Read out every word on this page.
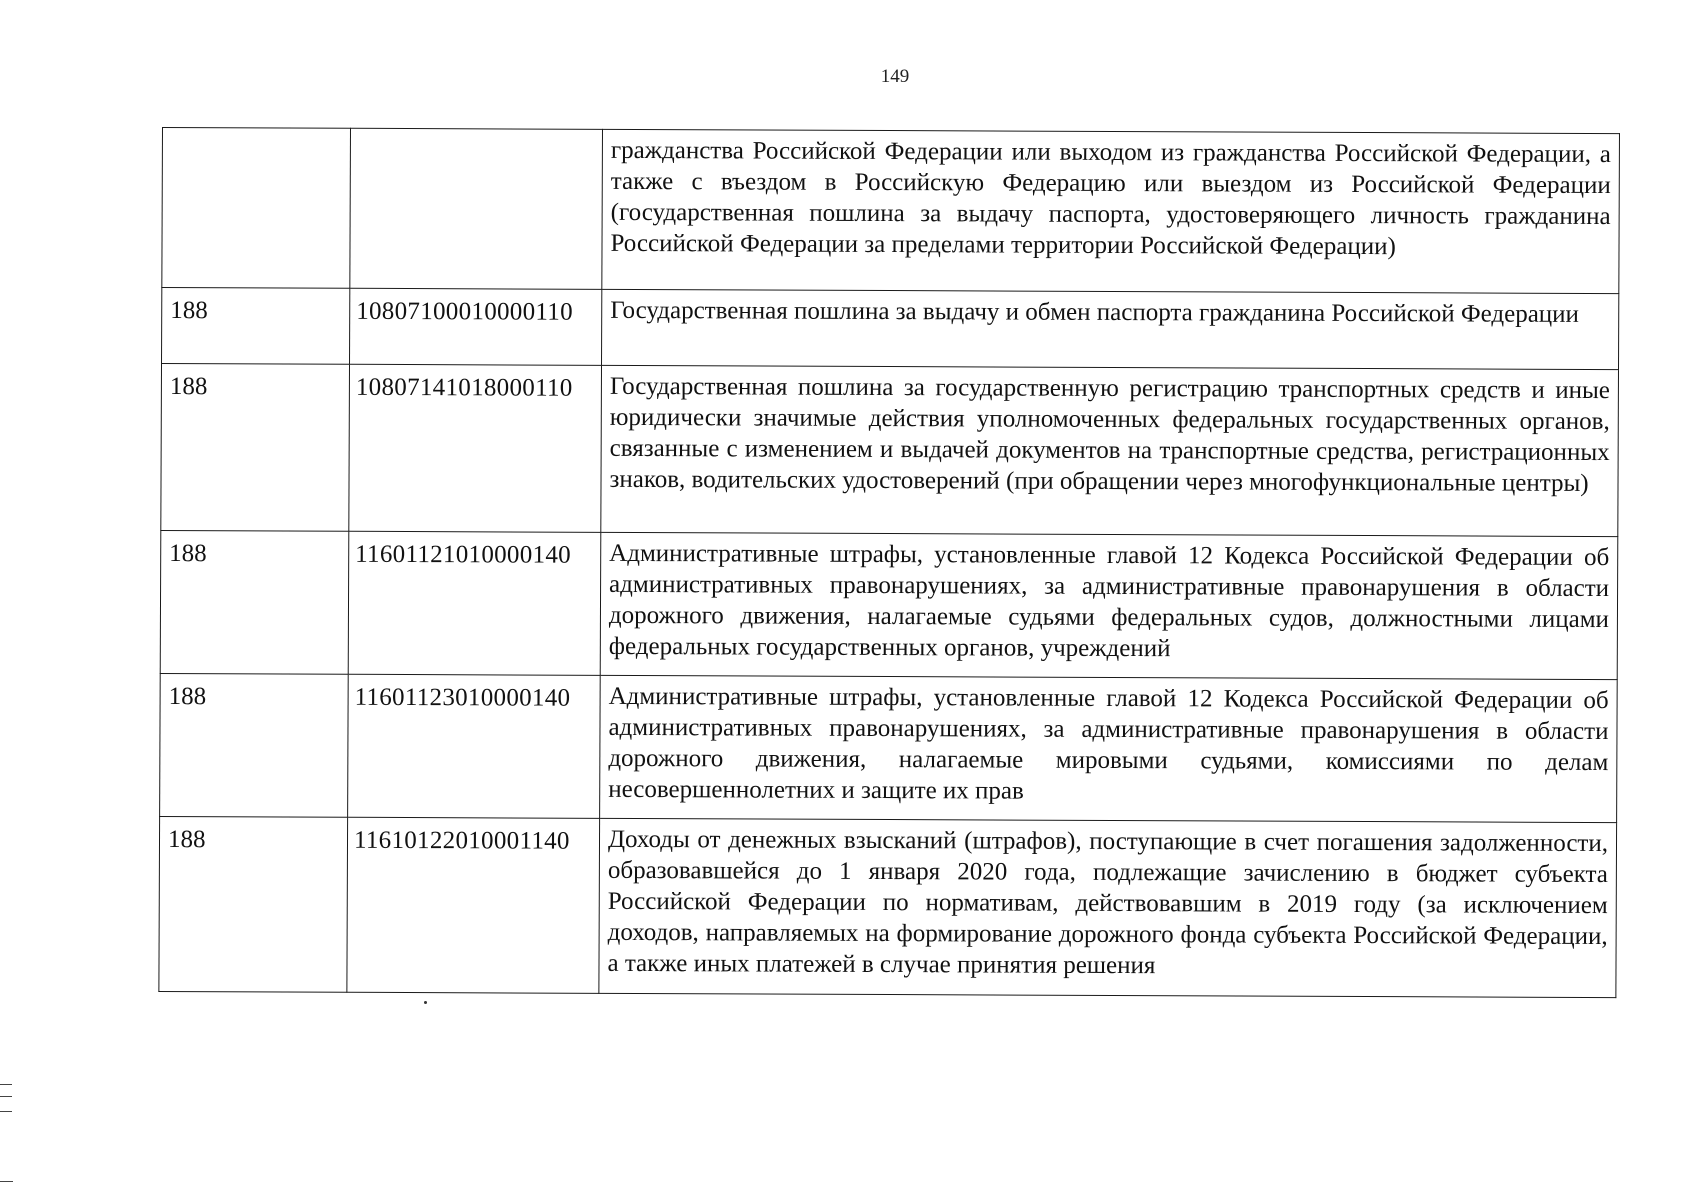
149
		гражданства Российской Федерации или выходом из гражданства Российской Федерации, а также с въездом в Российскую Федерацию или выездом из Российской Федерации (государственная пошлина за выдачу паспорта, удостоверяющего личность гражданина Российской Федерации за пределами территории Российской Федерации)
188	10807100010000110	Государственная пошлина за выдачу и обмен паспорта гражданина Российской Федерации
188	10807141018000110	Государственная пошлина за государственную регистрацию транспортных средств и иные юридически значимые действия уполномоченных федеральных государственных органов, связанные с изменением и выдачей документов на транспортные средства, регистрационных знаков, водительских удостоверений (при обращении через многофункциональные центры)
188	11601121010000140	Административные штрафы, установленные главой 12 Кодекса Российской Федерации об административных правонарушениях, за административные правонарушения в области дорожного движения, налагаемые судьями федеральных судов, должностными лицами федеральных государственных органов, учреждений
188	11601123010000140	Административные штрафы, установленные главой 12 Кодекса Российской Федерации об административных правонарушениях, за административные правонарушения в области дорожного движения, налагаемые мировыми судьями, комиссиями по делам несовершеннолетних и защите их прав
188	11610122010001140	Доходы от денежных взысканий (штрафов), поступающие в счет погашения задолженности, образовавшейся до 1 января 2020 года, подлежащие зачислению в бюджет субъекта Российской Федерации по нормативам, действовавшим в 2019 году (за исключением доходов, направляемых на формирование дорожного фонда субъекта Российской Федерации, а также иных платежей в случае принятия решения
